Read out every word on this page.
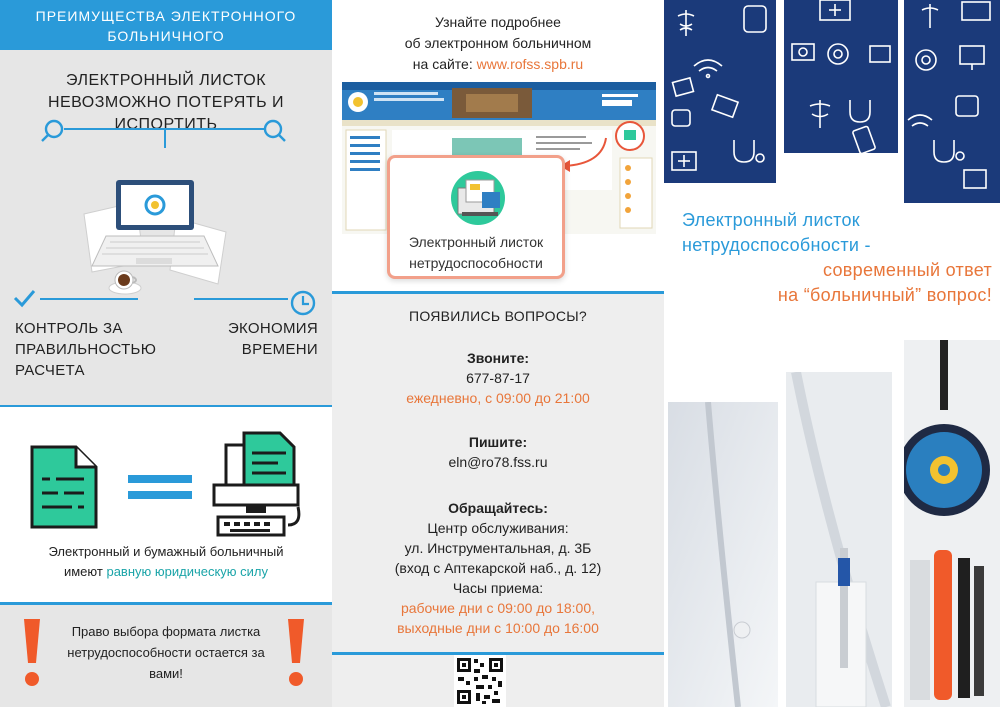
ПРЕИМУЩЕСТВА ЭЛЕКТРОННОГО БОЛЬНИЧНОГО
ЭЛЕКТРОННЫЙ ЛИСТОК НЕВОЗМОЖНО ПОТЕРЯТЬ И ИСПОРТИТЬ
КОНТРОЛЬ ЗА ПРАВИЛЬНОСТЬЮ РАСЧЕТА
ЭКОНОМИЯ ВРЕМЕНИ
Электронный и бумажный больничный
имеют равную юридическую силу
Право выбора формата листка нетрудоспособности остается за вами!
Узнайте подробнее
об электронном больничном
на сайте: www.rofss.spb.ru
Электронный листок нетрудоспособности
ПОЯВИЛИСЬ ВОПРОСЫ?
Звоните:
677-87-17
ежедневно, с 09:00 до 21:00
Пишите:
eln@ro78.fss.ru
Обращайтесь:
Центр обслуживания:
ул. Инструментальная, д. 3Б
(вход с Аптекарской наб., д. 12)
Часы приема:
рабочие дни с 09:00 до 18:00,
выходные дни с 10:00 до 16:00
Электронный листок
нетрудоспособности -
современный ответ
на “больничный” вопрос!
